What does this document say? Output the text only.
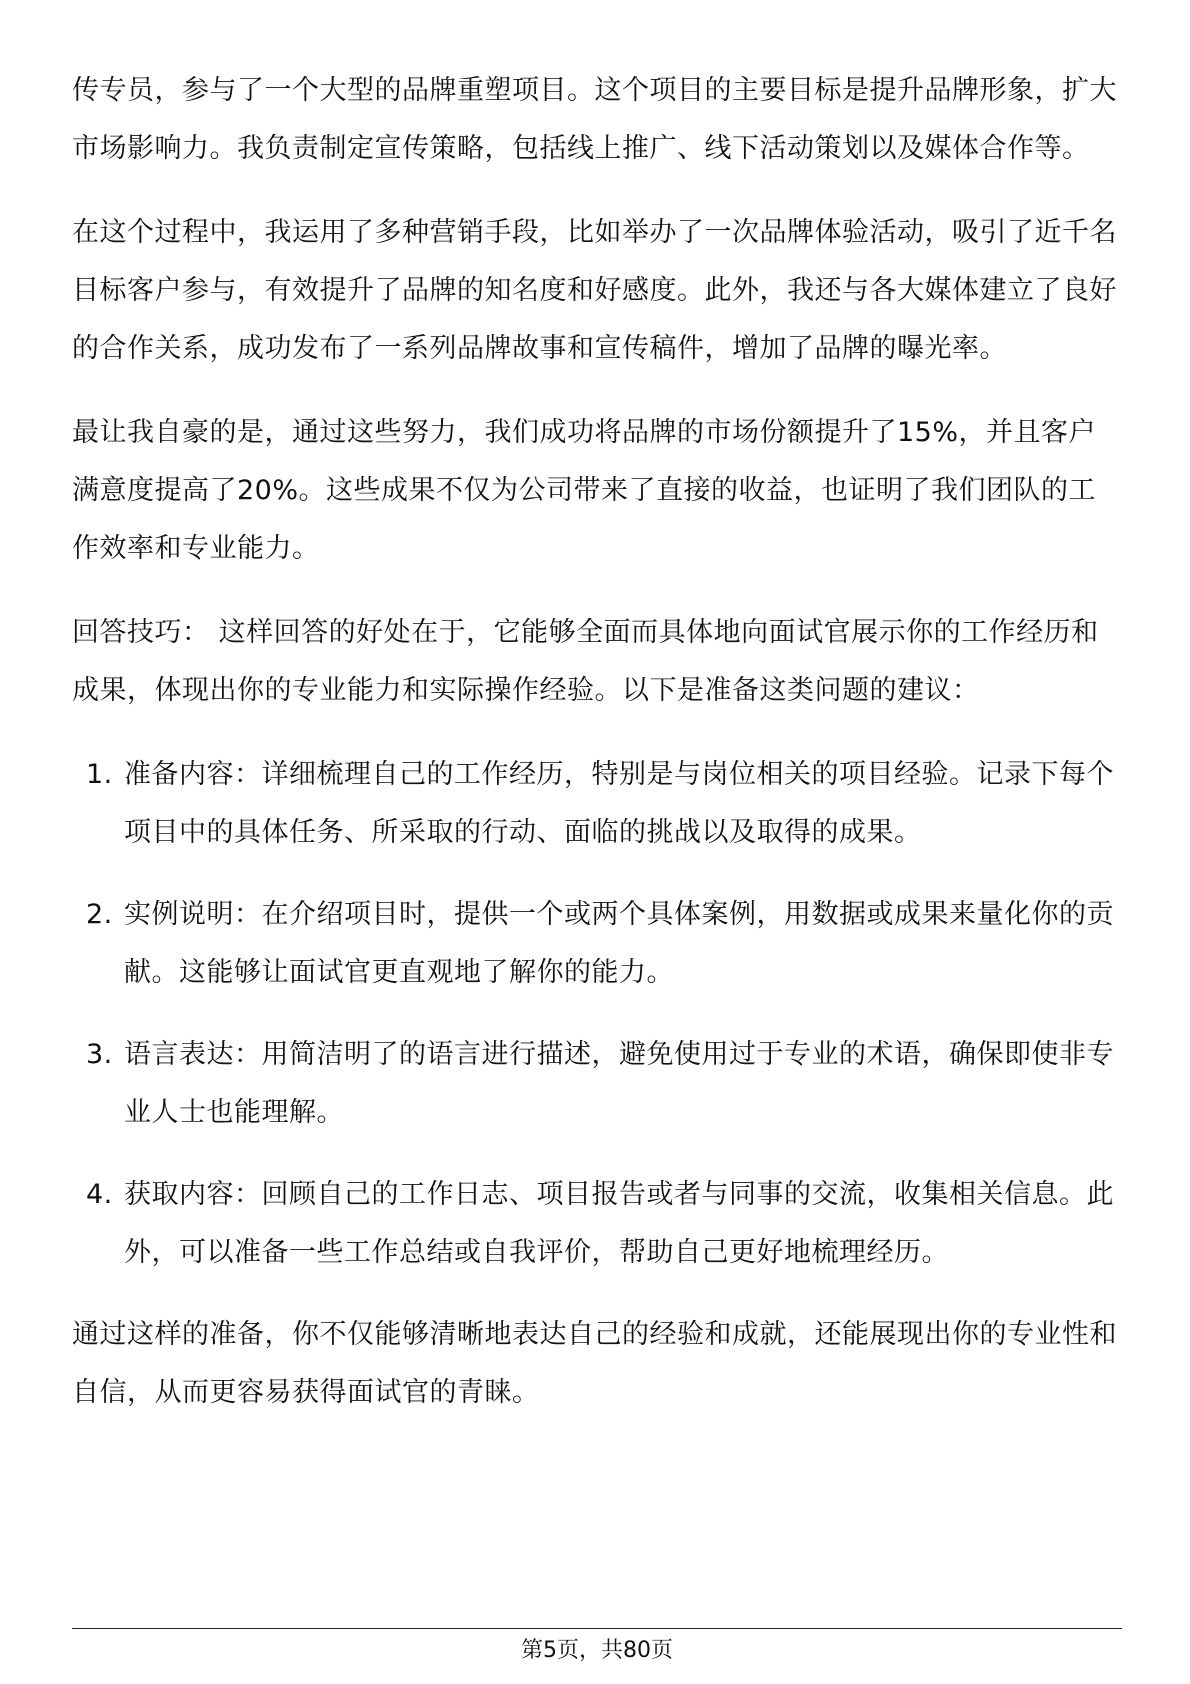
传专员，参与了一个大型的品牌重塑项目。这个项目的主要目标是提升品牌形象，扩大市场影响力。我负责制定宣传策略，包括线上推广、线下活动策划以及媒体合作等。

在这个过程中，我运用了多种营销手段，比如举办了一次品牌体验活动，吸引了近千名目标客户参与，有效提升了品牌的知名度和好感度。此外，我还与各大媒体建立了良好的合作关系，成功发布了一系列品牌故事和宣传稿件，增加了品牌的曝光率。

最让我自豪的是，通过这些努力，我们成功将品牌的市场份额提升了15%，并且客户满意度提高了20%。这些成果不仅为公司带来了直接的收益，也证明了我们团队的工作效率和专业能力。

回答技巧： 这样回答的好处在于，它能够全面而具体地向面试官展示你的工作经历和成果，体现出你的专业能力和实际操作经验。以下是准备这类问题的建议：

1. 准备内容：详细梳理自己的工作经历，特别是与岗位相关的项目经验。记录下每个项目中的具体任务、所采取的行动、面临的挑战以及取得的成果。
2. 实例说明：在介绍项目时，提供一个或两个具体案例，用数据或成果来量化你的贡献。这能够让面试官更直观地了解你的能力。
3. 语言表达：用简洁明了的语言进行描述，避免使用过于专业的术语，确保即使非专业人士也能理解。
4. 获取内容：回顾自己的工作日志、项目报告或者与同事的交流，收集相关信息。此外，可以准备一些工作总结或自我评价，帮助自己更好地梳理经历。

通过这样的准备，你不仅能够清晰地表达自己的经验和成就，还能展现出你的专业性和自信，从而更容易获得面试官的青睐。

第5页，共80页
